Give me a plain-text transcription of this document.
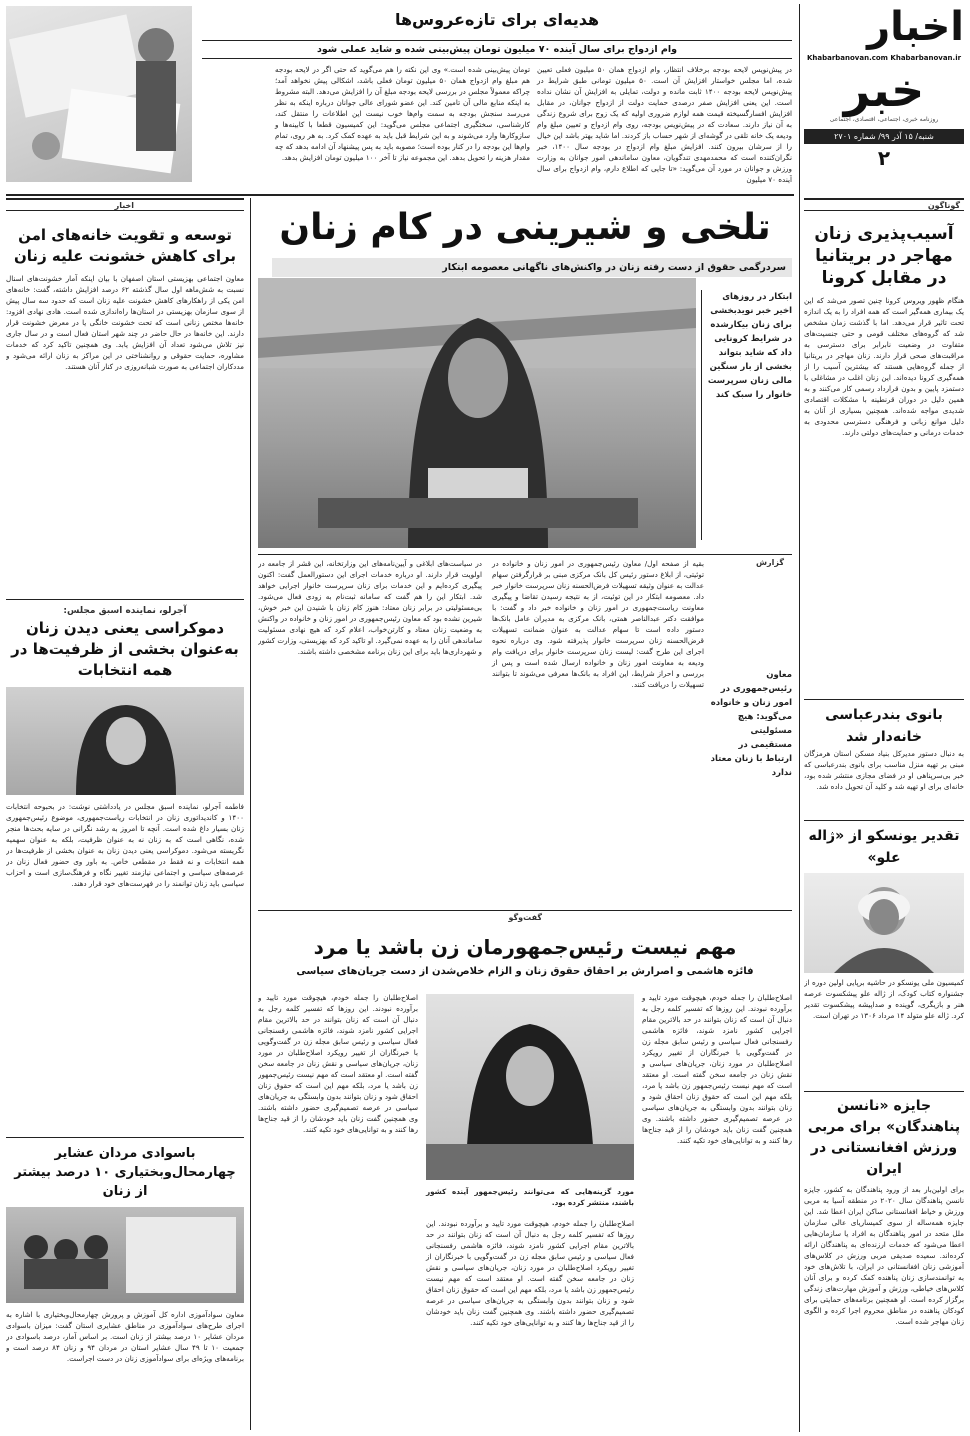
اخبار
Khabarbanovan.com Khabarbanovan.ir
خبر
روزنامه خبری، اجتماعی، اقتصادی، اجتماعی
شنبه/ ۱۵ آذر ۹۹/ شماره ۲۷۰۱
۲
گوناگون
آسیب‌پذیری زنان مهاجر در بریتانیا در مقابل کرونا
هنگام ظهور ویروس کرونا چنین تصور می‌شد که این یک بیماری همه‌گیر است که همه افراد را به یک اندازه تحت تاثیر قرار می‌دهد. اما با گذشت زمان مشخص شد که گروه‌های مختلف قومی و حتی جنسیت‌های متفاوت در وضعیت نابرابر برای دسترسی به مراقبت‌های صحی قرار دارند. زنان مهاجر در بریتانیا از جمله گروه‌هایی هستند که بیشترین آسیب را از همه‌گیری کرونا دیده‌اند. این زنان اغلب در مشاغلی با دستمزد پایین و بدون قرارداد رسمی کار می‌کنند و به همین دلیل در دوران قرنطینه با مشکلات اقتصادی شدیدی مواجه شده‌اند. همچنین بسیاری از آنان به دلیل موانع زبانی و فرهنگی دسترسی محدودی به خدمات درمانی و حمایت‌های دولتی دارند.
بانوی بندرعباسی خانه‌دار شد
به دنبال دستور مدیرکل بنیاد مسکن استان هرمزگان مبنی بر تهیه منزل مناسب برای بانوی بندرعباسی که خبر بی‌سرپناهی او در فضای مجازی منتشر شده بود، خانه‌ای برای او تهیه شد و کلید آن تحویل داده شد.
تقدیر یونسکو از «ژاله علو»
کمیسیون ملی یونسکو در حاشیه برپایی اولین دوره از جشنواره کتاب کودک، از ژاله علو پیشکسوت عرصه هنر و بازیگری، گوینده و صداپیشه پیشکسوت تقدیر کرد. ژاله علو متولد ۱۴ مرداد ۱۳۰۶ در تهران است.
جایزه «نانسن پناهندگان» برای مربی ورزش افغانستانی در ایران
برای اولین‌بار بعد از ورود پناهندگان به کشور، جایزه نانسن پناهندگان سال ۲۰۲۰ در منطقه آسیا به مربی ورزش و خیاط افغانستانی ساکن ایران اعطا شد. این جایزه همه‌ساله از سوی کمیساریای عالی سازمان ملل متحد در امور پناهندگان به افراد یا سازمان‌هایی اعطا می‌شود که خدمات ارزنده‌ای به پناهندگان ارائه کرده‌اند. سعیده صدیقی مربی ورزش در کلاس‌های آموزشی زنان افغانستانی در ایران، با تلاش‌های خود به توانمندسازی زنان پناهنده کمک کرده و برای آنان کلاس‌های خیاطی، ورزش و آموزش مهارت‌های زندگی برگزار کرده است. او همچنین برنامه‌های حمایتی برای کودکان پناهنده در مناطق محروم اجرا کرده و الگوی زنان مهاجر شده است.
هدیه‌ای برای تازه‌عروس‌ها
وام ازدواج برای سال آینده ۷۰ میلیون تومان پیش‌بینی شده و شاید عملی شود
در پیش‌نویس لایحه بودجه برخلاف انتظار، وام ازدواج همان ۵۰ میلیون فعلی تعیین شده، اما مجلس خواستار افزایش آن است. ۵۰ میلیون تومانی طبق شرایط در پیش‌نویس لایحه بودجه ۱۴۰۰ ثابت مانده و دولت، تمایلی به افزایش آن نشان نداده است. این یعنی افزایش صفر درصدی حمایت دولت از ازدواج جوانان، در مقابل افزایش افسارگسیخته قیمت همه لوازم ضروری اولیه که یک زوج برای شروع زندگی به آن نیاز دارند. سعادت که در پیش‌نویس بودجه، روی وام ازدواج و تعیین مبلغ وام ودیعه یک خانه تلقی در گوشه‌ای از شهر حساب باز کردند. اما شاید بهتر باشد این خیال را از سرشان بیرون کنند. افزایش مبلغ وام ازدواج در بودجه سال ۱۴۰۰، خبر نگران‌کننده است که محمدمهدی تندگویان، معاون ساماندهی امور جوانان به وزارت ورزش و جوانان در مورد آن می‌گوید: «تا جایی که اطلاع دارم، وام ازدواج برای سال آینده ۷۰ میلیون
تومان پیش‌بینی شده است.» وی این نکته را هم می‌گوید که حتی اگر در لایحه بودجه هم مبلغ وام ازدواج همان ۵۰ میلیون تومان فعلی باشد، اشکالی پیش نخواهد آمد؛ چراکه معمولاً مجلس در بررسی لایحه بودجه مبلغ آن را افزایش می‌دهد. البته مشروط به اینکه منابع مالی آن تامین کند. این عضو شورای عالی جوانان درباره اینکه به نظر می‌رسد سنجش بودجه به سمت وام‌ها خوب نیست این اطلاعات را منتقل کند، کارشناسی، سختگیری اجتماعی مجلس می‌گوید: این کمیسیون قطعا با کابینه‌ها و سازوکارها وارد می‌شوند و به این شرایط قبل باید به عهده کمک کرد. به هر روی، تمام وام‌ها این بودجه را در کنار بوده است؛ مصوبه باید به پس پیشنهاد آن ادامه بدهد که چه مقدار هزینه را تحویل بدهد. این مجموعه نیاز تا آخر ۱۰۰ میلیون تومان افزایش بدهد.
اخبار
توسعه و تقویت خانه‌های امن برای کاهش خشونت علیه زنان
معاون اجتماعی بهزیستی استان اصفهان با بیان اینکه آمار خشونت‌های اسنال نسبت به شش‌ماهه اول سال گذشته ۶۲ درصد افزایش داشته، گفت: خانه‌های امن یکی از راهکارهای کاهش خشونت علیه زنان است که حدود سه سال پیش از سوی سازمان بهزیستی در استان‌ها راه‌اندازی شده است. هادی نهادی افزود: خانه‌ها مختص زنانی است که تحت خشونت خانگی یا در معرض خشونت قرار دارند. این خانه‌ها در حال حاضر در چند شهر استان فعال است و در سال جاری نیز تلاش می‌شود تعداد آن افزایش یابد. وی همچنین تاکید کرد که خدمات مشاوره، حمایت حقوقی و روانشناختی در این مراکز به زنان ارائه می‌شود و مددکاران اجتماعی به صورت شبانه‌روزی در کنار آنان هستند.
آجرلو، نماینده اسبق مجلس:
دموکراسی یعنی دیدن زنان به‌عنوان بخشی از ظرفیت‌ها در همه انتخابات
فاطمه آجرلو، نماینده اسبق مجلس در یادداشتی نوشت: در بحبوحه انتخابات ۱۴۰۰ و کاندیداتوری زنان در انتخابات ریاست‌جمهوری، موضوع رئیس‌جمهوری زنان بسیار داغ شده است. آنچه تا امروز به رشد نگرانی در سایه بحث‌ها منجر شده، نگاهی است که به زنان نه به عنوان ظرفیت، بلکه به عنوان سهمیه نگریسته می‌شود. دموکراسی یعنی دیدن زنان به عنوان بخشی از ظرفیت‌ها در همه انتخابات و نه فقط در مقطعی خاص. به باور وی حضور فعال زنان در عرصه‌های سیاسی و اجتماعی نیازمند تغییر نگاه و فرهنگ‌سازی است و احزاب سیاسی باید زنان توانمند را در فهرست‌های خود قرار دهند.
باسوادی مردان عشایر چهارمحال‌وبختیاری ۱۰ درصد بیشتر از زنان
معاون سوادآموزی اداره کل آموزش و پرورش چهارمحال‌وبختیاری با اشاره به اجرای طرح‌های سوادآموزی در مناطق عشایری استان گفت: میزان باسوادی مردان عشایر ۱۰ درصد بیشتر از زنان است. بر اساس آمار، درصد باسوادی در جمعیت ۱۰ تا ۴۹ سال عشایر استان در مردان ۹۴ و زنان ۸۴ درصد است و برنامه‌های ویژه‌ای برای سوادآموزی زنان در دست اجراست.
تلخی و شیرینی در کام زنان
سردرگمی حقوق از دست رفته زنان در واکنش‌های ناگهانی معصومه ابتکار
ابتکار در روزهای اخیر خبر نویدبخشی برای زنان بیکارشده در شرایط کرونایی داد که شاید بتواند بخشی از بار سنگین مالی زنان سرپرست خانوار را سبک کند
گزارش
بقیه از صفحه اول/ معاون رئیس‌جمهوری در امور زنان و خانواده در توئیتی، از ابلاغ دستور رئیس کل بانک مرکزی مبنی بر قرارگرفتن سهام عدالت به عنوان وثیقه تسهیلات فرض‌الحسنه زنان سرپرست خانوار خبر داد. معصومه ابتکار در این توئیت، از به نتیجه رسیدن تقاضا و پیگیری معاونت ریاست‌جمهوری در امور زنان و خانواده خبر داد و گفت: با موافقت دکتر عبدالناصر همتی، بانک مرکزی به مدیران عامل بانک‌ها دستور داده است تا سهام عدالت به عنوان ضمانت تسهیلات قرض‌الحسنه زنان سرپرست خانوار پذیرفته شود. وی درباره نحوه اجرای این طرح گفت: لیست زنان سرپرست خانوار برای دریافت وام ودیعه به معاونت امور زنان و خانواده ارسال شده است و پس از بررسی و احراز شرایط، این افراد به بانک‌ها معرفی می‌شوند تا بتوانند تسهیلات را دریافت کنند.
در سیاست‌های ابلاغی و آیین‌نامه‌های این وزارتخانه، این قشر از جامعه در اولویت قرار دارند. او درباره خدمات اجرای این دستورالعمل گفت: اکنون پیگیری کرده‌ایم و این خدمات برای زنان سرپرست خانوار اجرایی خواهد شد. ابتکار این را هم گفت که سامانه ثبت‌نام به زودی فعال می‌شود. بی‌مسئولیتی در برابر زنان معتاد: هنوز کام زنان با شنیدن این خبر خوش، شیرین نشده بود که معاون رئیس‌جمهوری در امور زنان و خانواده در واکنش به وضعیت زنان معتاد و کارتن‌خواب، اعلام کرد که هیچ نهادی مسئولیت ساماندهی آنان را به عهده نمی‌گیرد. او تاکید کرد که بهزیستی، وزارت کشور و شهرداری‌ها باید برای این زنان برنامه مشخصی داشته باشند.
معاون رئیس‌جمهوری در امور زنان و خانواده می‌گوید: هیچ مسئولیتی مستقیمی در ارتباط با زنان معتاد ندارد
گفت‌وگو
مهم نیست رئیس‌جمهورمان زن باشد یا مرد
فائزه هاشمی و اصرارش بر احقاق حقوق زنان و الزام خلاص‌شدن از دست جریان‌های سیاسی
اصلاح‌طلبان را جمله خودم، هیچوقت مورد تایید و برآورده نبودند. این روزها که تفسیر کلمه رجل به دنبال آن است که زنان بتوانند در حد بالاترین مقام اجرایی کشور نامزد شوند، فائزه هاشمی رفسنجانی فعال سیاسی و رئیس سابق مجله زن در گفت‌وگویی با خبرنگاران از تغییر رویکرد اصلاح‌طلبان در مورد زنان، جریان‌های سیاسی و نقش زنان در جامعه سخن گفته است. او معتقد است که مهم نیست رئیس‌جمهور زن باشد یا مرد، بلکه مهم این است که حقوق زنان احقاق شود و زنان بتوانند بدون وابستگی به جریان‌های سیاسی در عرصه تصمیم‌گیری حضور داشته باشند. وی همچنین گفت زنان باید خودشان را از قید جناح‌ها رها کنند و به توانایی‌های خود تکیه کنند.
مورد گزینه‌هایی که می‌توانند رئیس‌جمهور آینده کشور باشند، منتشر کرده بود.
اصلاح‌طلبان را جمله خودم، هیچوقت مورد تایید و برآورده نبودند. این روزها که تفسیر کلمه رجل به دنبال آن است که زنان بتوانند در حد بالاترین مقام اجرایی کشور نامزد شوند، فائزه هاشمی رفسنجانی فعال سیاسی و رئیس سابق مجله زن در گفت‌وگویی با خبرنگاران از تغییر رویکرد اصلاح‌طلبان در مورد زنان، جریان‌های سیاسی و نقش زنان در جامعه سخن گفته است. او معتقد است که مهم نیست رئیس‌جمهور زن باشد یا مرد، بلکه مهم این است که حقوق زنان احقاق شود و زنان بتوانند بدون وابستگی به جریان‌های سیاسی در عرصه تصمیم‌گیری حضور داشته باشند. وی همچنین گفت زنان باید خودشان را از قید جناح‌ها رها کنند و به توانایی‌های خود تکیه کنند.
اصلاح‌طلبان را جمله خودم، هیچوقت مورد تایید و برآورده نبودند. این روزها که تفسیر کلمه رجل به دنبال آن است که زنان بتوانند در حد بالاترین مقام اجرایی کشور نامزد شوند، فائزه هاشمی رفسنجانی فعال سیاسی و رئیس سابق مجله زن در گفت‌وگویی با خبرنگاران از تغییر رویکرد اصلاح‌طلبان در مورد زنان، جریان‌های سیاسی و نقش زنان در جامعه سخن گفته است. او معتقد است که مهم نیست رئیس‌جمهور زن باشد یا مرد، بلکه مهم این است که حقوق زنان احقاق شود و زنان بتوانند بدون وابستگی به جریان‌های سیاسی در عرصه تصمیم‌گیری حضور داشته باشند. وی همچنین گفت زنان باید خودشان را از قید جناح‌ها رها کنند و به توانایی‌های خود تکیه کنند.
